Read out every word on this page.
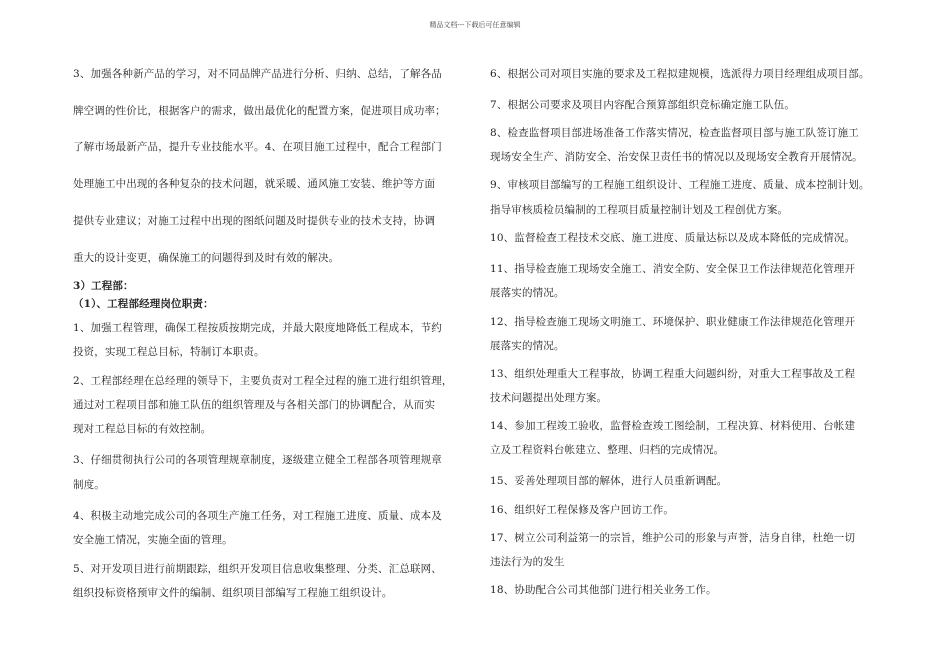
精品文档---下载后可任意编辑
3、加强各种新产品的学习，对不同品牌产品进行分析、归纳、总结，了解各品
牌空调的性价比，根据客户的需求，做出最优化的配置方案，促进项目成功率；
了解市场最新产品，提升专业技能水平。4、在项目施工过程中，配合工程部门
处理施工中出现的各种复杂的技术问题，就采暖、通风施工安装、维护等方面
提供专业建议；对施工过程中出现的图纸问题及时提供专业的技术支持，协调
重大的设计变更，确保施工的问题得到及时有效的解决。
3）工程部：
（1）、工程部经理岗位职责：
1、加强工程管理，确保工程按质按期完成，并最大限度地降低工程成本，节约
投资，实现工程总目标，特制订本职责。
2、工程部经理在总经理的领导下，主要负责对工程全过程的施工进行组织管理，
通过对工程项目部和施工队伍的组织管理及与各相关部门的协调配合，从而实
现对工程总目标的有效控制。
3、仔细贯彻执行公司的各项管理规章制度，逐级建立健全工程部各项管理规章
制度。
4、积极主动地完成公司的各项生产施工任务，对工程施工进度、质量、成本及
安全施工情况，实施全面的管理。
5、对开发项目进行前期跟踪，组织开发项目信息收集整理、分类、汇总联网、
组织投标资格预审文件的编制、组织项目部编写工程施工组织设计。
6、根据公司对项目实施的要求及工程拟建规模，选派得力项目经理组成项目部。
7、根据公司要求及项目内容配合预算部组织竞标确定施工队伍。
8、检查监督项目部进场准备工作落实情况，检查监督项目部与施工队签订施工
现场安全生产、消防安全、治安保卫责任书的情况以及现场安全教育开展情况。
9、审核项目部编写的工程施工组织设计、工程施工进度、质量、成本控制计划。
指导审核质检员编制的工程项目质量控制计划及工程创优方案。
10、监督检查工程技术交底、施工进度、质量达标以及成本降低的完成情况。
11、指导检查施工现场安全施工、消安全防、安全保卫工作法律规范化管理开
展落实的情况。
12、指导检查施工现场文明施工、环境保护、职业健康工作法律规范化管理开
展落实的情况。
13、组织处理重大工程事故，协调工程重大问题纠纷，对重大工程事故及工程
技术问题提出处理方案。
14、参加工程竣工验收，监督检查竣工图绘制，工程决算、材料使用、台帐建
立及工程资料台帐建立、整理、归档的完成情况。
15、妥善处理项目部的解体，进行人员重新调配。
16、组织好工程保修及客户回访工作。
17、树立公司利益第一的宗旨，维护公司的形象与声誉，洁身自律，杜绝一切
违法行为的发生
18、协助配合公司其他部门进行相关业务工作。
